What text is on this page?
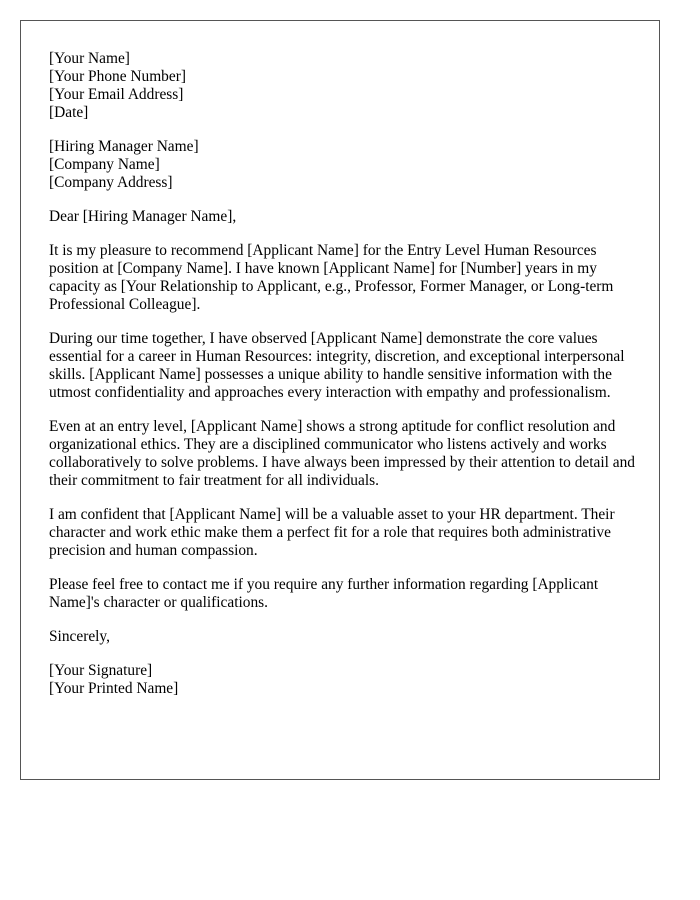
[Your Name]
[Your Phone Number]
[Your Email Address]
[Date]
[Hiring Manager Name]
[Company Name]
[Company Address]

Dear [Hiring Manager Name],

It is my pleasure to recommend [Applicant Name] for the Entry Level Human Resources position at [Company Name]. I have known [Applicant Name] for [Number] years in my capacity as [Your Relationship to Applicant, e.g., Professor, Former Manager, or Long-term Professional Colleague].

During our time together, I have observed [Applicant Name] demonstrate the core values essential for a career in Human Resources: integrity, discretion, and exceptional interpersonal skills. [Applicant Name] possesses a unique ability to handle sensitive information with the utmost confidentiality and approaches every interaction with empathy and professionalism.

Even at an entry level, [Applicant Name] shows a strong aptitude for conflict resolution and organizational ethics. They are a disciplined communicator who listens actively and works collaboratively to solve problems. I have always been impressed by their attention to detail and their commitment to fair treatment for all individuals.

I am confident that [Applicant Name] will be a valuable asset to your HR department. Their character and work ethic make them a perfect fit for a role that requires both administrative precision and human compassion.

Please feel free to contact me if you require any further information regarding [Applicant Name]'s character or qualifications.

Sincerely,

[Your Signature]
[Your Printed Name]
